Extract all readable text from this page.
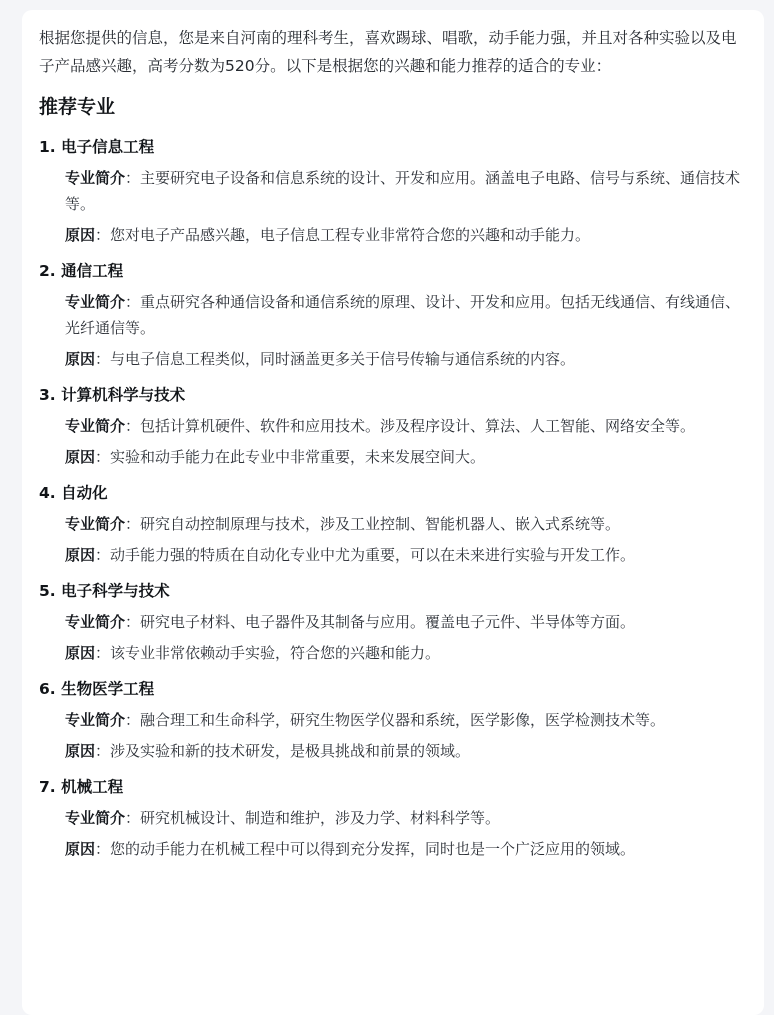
根据您提供的信息，您是来自河南的理科考生，喜欢踢球、唱歌，动手能力强，并且对各种实验以及电子产品感兴趣，高考分数为520分。以下是根据您的兴趣和能力推荐的适合的专业：

推荐专业

1. 电子信息工程

专业简介：主要研究电子设备和信息系统的设计、开发和应用。涵盖电子电路、信号与系统、通信技术等。

原因：您对电子产品感兴趣，电子信息工程专业非常符合您的兴趣和动手能力。

2. 通信工程

专业简介：重点研究各种通信设备和通信系统的原理、设计、开发和应用。包括无线通信、有线通信、光纤通信等。

原因：与电子信息工程类似，同时涵盖更多关于信号传输与通信系统的内容。

3. 计算机科学与技术

专业简介：包括计算机硬件、软件和应用技术。涉及程序设计、算法、人工智能、网络安全等。

原因：实验和动手能力在此专业中非常重要，未来发展空间大。

4. 自动化

专业简介：研究自动控制原理与技术，涉及工业控制、智能机器人、嵌入式系统等。

原因：动手能力强的特质在自动化专业中尤为重要，可以在未来进行实验与开发工作。

5. 电子科学与技术

专业简介：研究电子材料、电子器件及其制备与应用。覆盖电子元件、半导体等方面。

原因：该专业非常依赖动手实验，符合您的兴趣和能力。

6. 生物医学工程

专业简介：融合理工和生命科学，研究生物医学仪器和系统，医学影像，医学检测技术等。

原因：涉及实验和新的技术研发，是极具挑战和前景的领域。

7. 机械工程

专业简介：研究机械设计、制造和维护，涉及力学、材料科学等。

原因：您的动手能力在机械工程中可以得到充分发挥，同时也是一个广泛应用的领域。
